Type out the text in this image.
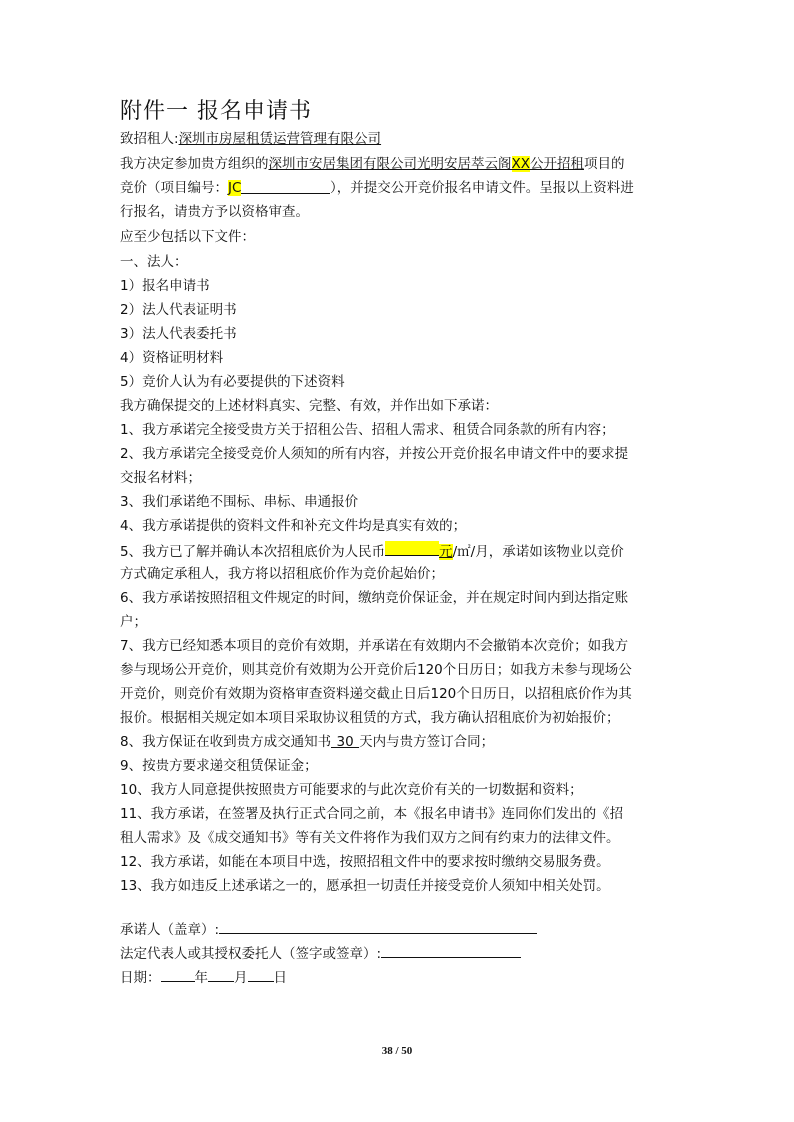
附件一 报名申请书
致招租人:深圳市房屋租赁运营管理有限公司
我方决定参加贵方组织的深圳市安居集团有限公司光明安居萃云阁XX公开招租项目的
竞价（项目编号：JC	），并提交公开竞价报名申请文件。呈报以上资料进
行报名，请贵方予以资格审查。
应至少包括以下文件：
一、法人：
1）报名申请书
2）法人代表证明书
3）法人代表委托书
4）资格证明材料
5）竞价人认为有必要提供的下述资料
我方确保提交的上述材料真实、完整、有效，并作出如下承诺：
1、我方承诺完全接受贵方关于招租公告、招租人需求、租赁合同条款的所有内容；
2、我方承诺完全接受竞价人须知的所有内容，并按公开竞价报名申请文件中的要求提
交报名材料；
3、我们承诺绝不围标、串标、串通报价
4、我方承诺提供的资料文件和补充文件均是真实有效的；
5、我方已了解并确认本次招租底价为人民币	元/㎡/月，承诺如该物业以竞价
方式确定承租人，我方将以招租底价作为竞价起始价；
6、我方承诺按照招租文件规定的时间，缴纳竞价保证金，并在规定时间内到达指定账
户；
7、我方已经知悉本项目的竞价有效期，并承诺在有效期内不会撤销本次竞价；如我方
参与现场公开竞价，则其竞价有效期为公开竞价后120个日历日；如我方未参与现场公
开竞价，则竞价有效期为资格审查资料递交截止日后120个日历日，以招租底价作为其
报价。根据相关规定如本项目采取协议租赁的方式，我方确认招租底价为初始报价；
8、我方保证在收到贵方成交通知书 30 天内与贵方签订合同；
9、按贵方要求递交租赁保证金；
10、我方人同意提供按照贵方可能要求的与此次竞价有关的一切数据和资料；
11、我方承诺，在签署及执行正式合同之前，本《报名申请书》连同你们发出的《招
租人需求》及《成交通知书》等有关文件将作为我们双方之间有约束力的法律文件。
12、我方承诺，如能在本项目中选，按照招租文件中的要求按时缴纳交易服务费。
13、我方如违反上述承诺之一的，愿承担一切责任并接受竞价人须知中相关处罚。
承诺人（盖章）:
法定代表人或其授权委托人（签字或签章）:
日期：	年 月 日
38 / 50
